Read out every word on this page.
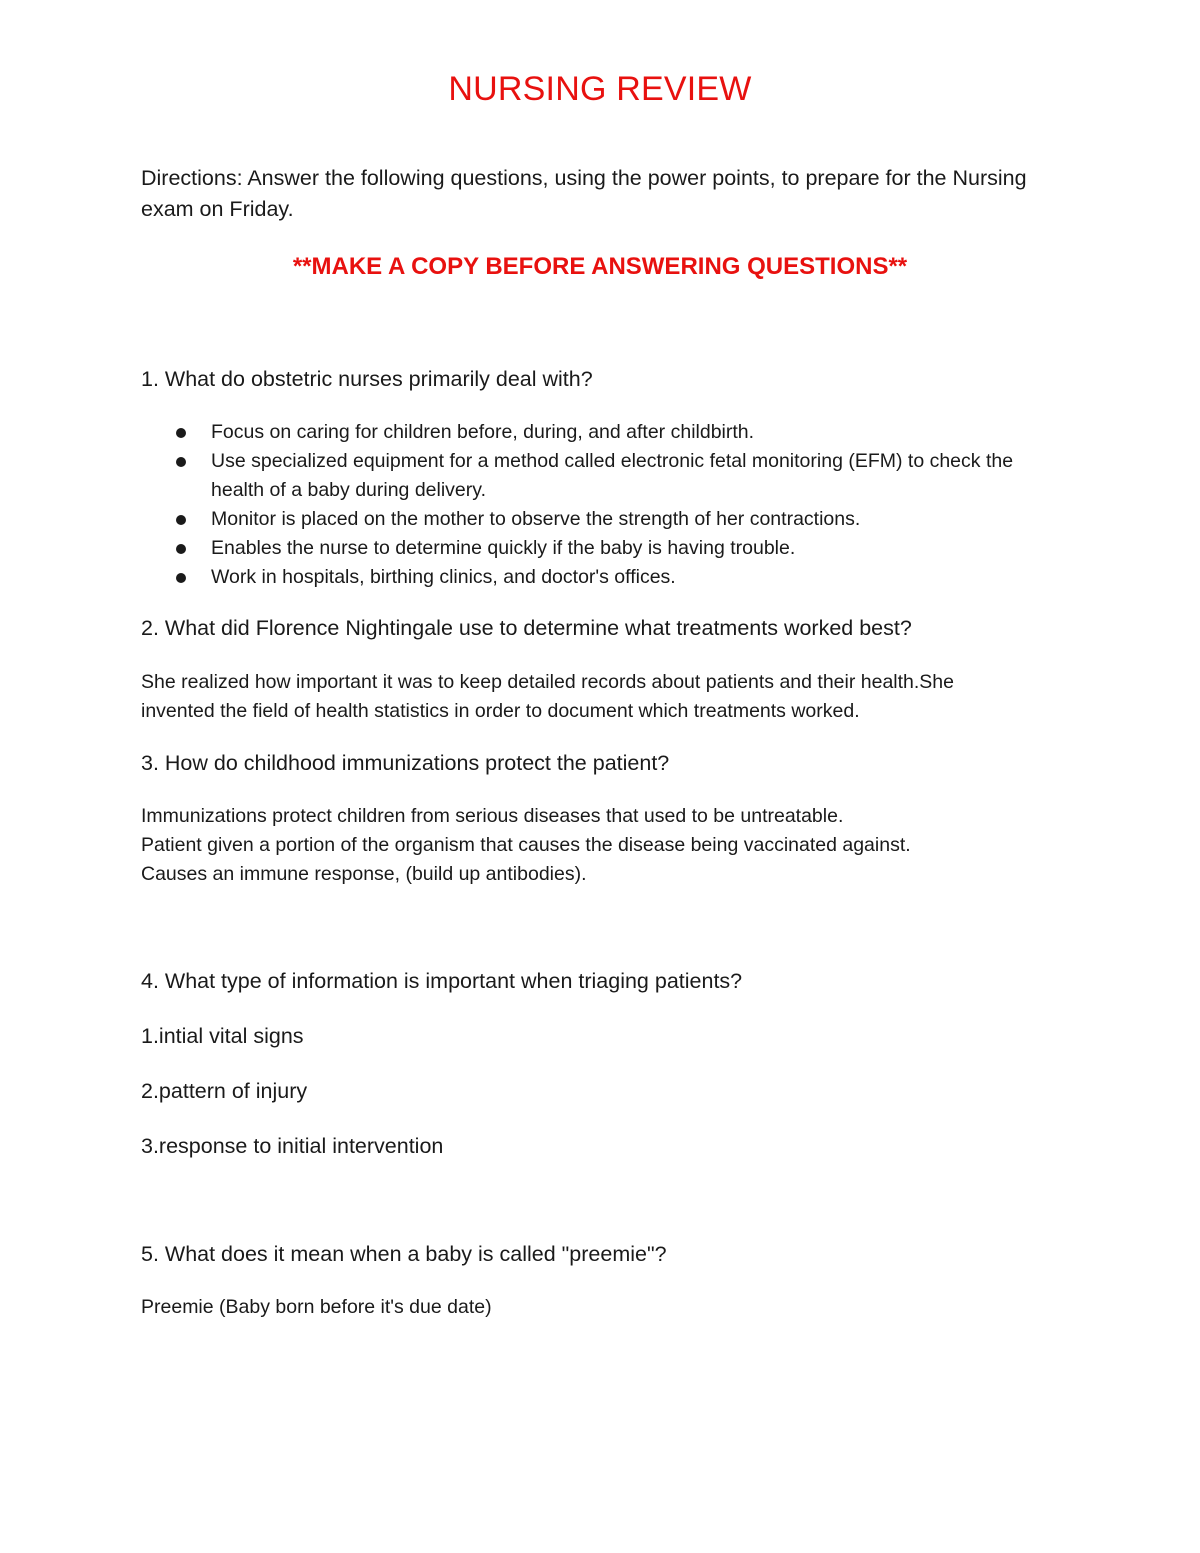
NURSING REVIEW
Directions: Answer the following questions, using the power points, to prepare for the Nursing exam on Friday.
**MAKE A COPY BEFORE ANSWERING QUESTIONS**
1. What do obstetric nurses primarily deal with?
Focus on caring for children before, during, and after childbirth.
Use specialized equipment for a method called electronic fetal monitoring (EFM) to check the health of a baby during delivery.
Monitor is placed on the mother to observe the strength of her contractions.
Enables the nurse to determine quickly if the baby is having trouble.
Work in hospitals, birthing clinics, and doctor's offices.
2. What did Florence Nightingale use to determine what treatments worked best?
She realized how important it was to keep detailed records about patients and their health.She
invented the field of health statistics in order to document which treatments worked.
3. How do childhood immunizations protect the patient?
Immunizations protect children from serious diseases that used to be untreatable.
Patient given a portion of the organism that causes the disease being vaccinated against.
Causes an immune response, (build up antibodies).
4. What type of information is important when triaging patients?
1.intial vital signs
2.pattern of injury
3.response to initial intervention
5. What does it mean when a baby is called "preemie"?
Preemie (Baby born before it's due date)
